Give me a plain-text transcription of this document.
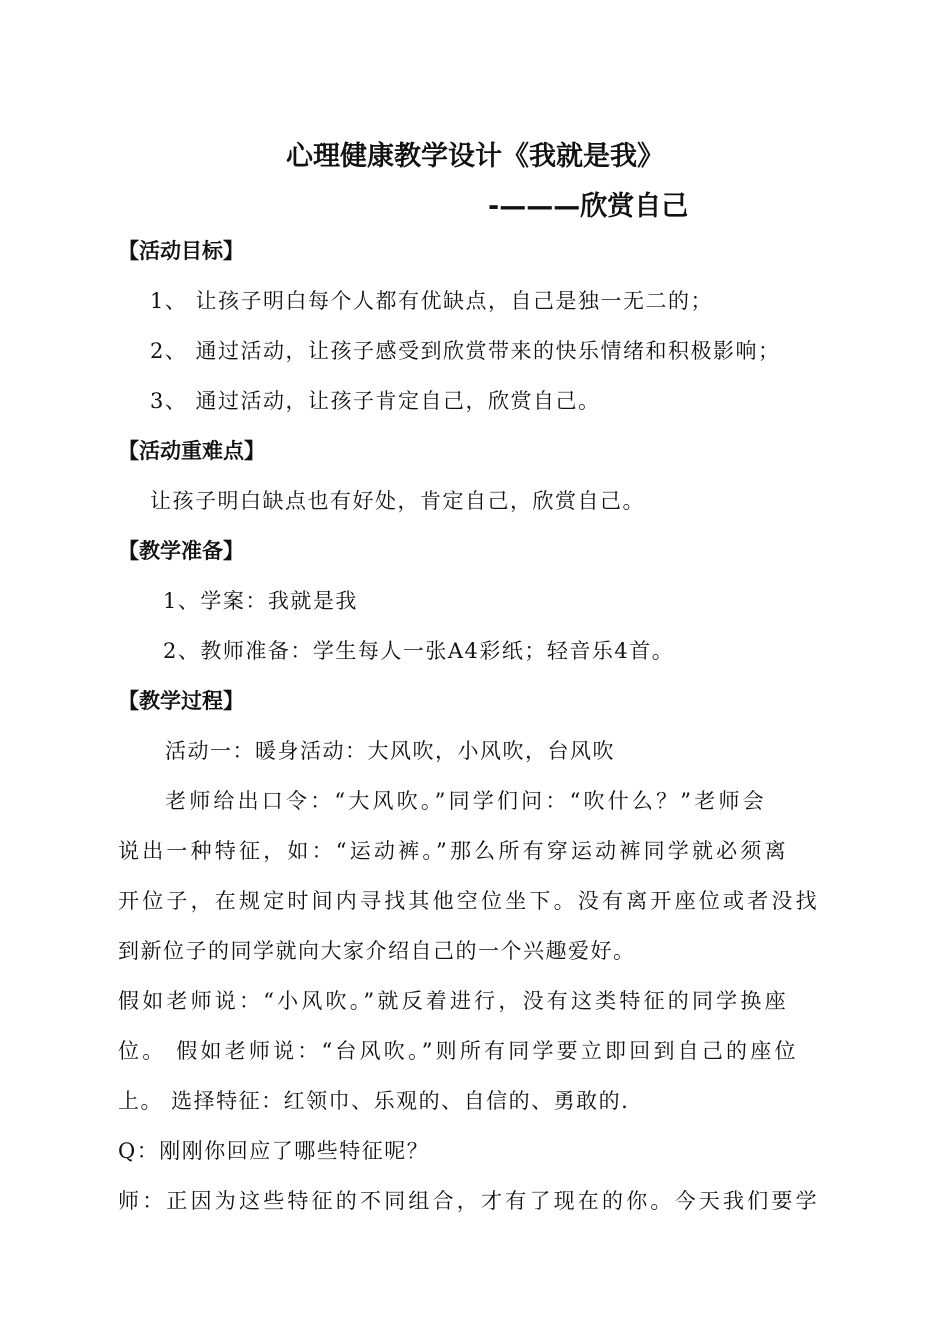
心理健康教学设计《我就是我》
-———欣赏自己
【活动目标】
1、 让孩子明白每个人都有优缺点，自己是独一无二的；
2、 通过活动，让孩子感受到欣赏带来的快乐情绪和积极影响；
3、 通过活动，让孩子肯定自己，欣赏自己。
【活动重难点】
让孩子明白缺点也有好处，肯定自己，欣赏自己。
【教学准备】
1、学案：我就是我
2、教师准备：学生每人一张A4彩纸；轻音乐4首。
【教学过程】
活动一：暖身活动：大风吹，小风吹，台风吹
老师给出口令：“大风吹。”同学们问：“吹什么？”老师会
说出一种特征，如：“运动裤。”那么所有穿运动裤同学就必须离
开位子，在规定时间内寻找其他空位坐下。没有离开座位或者没找
到新位子的同学就向大家介绍自己的一个兴趣爱好。
假如老师说：“小风吹。”就反着进行，没有这类特征的同学换座
位。 假如老师说：“台风吹。”则所有同学要立即回到自己的座位
上。 选择特征：红领巾、乐观的、自信的、勇敢的.
Q：刚刚你回应了哪些特征呢？
师：正因为这些特征的不同组合，才有了现在的你。今天我们要学
